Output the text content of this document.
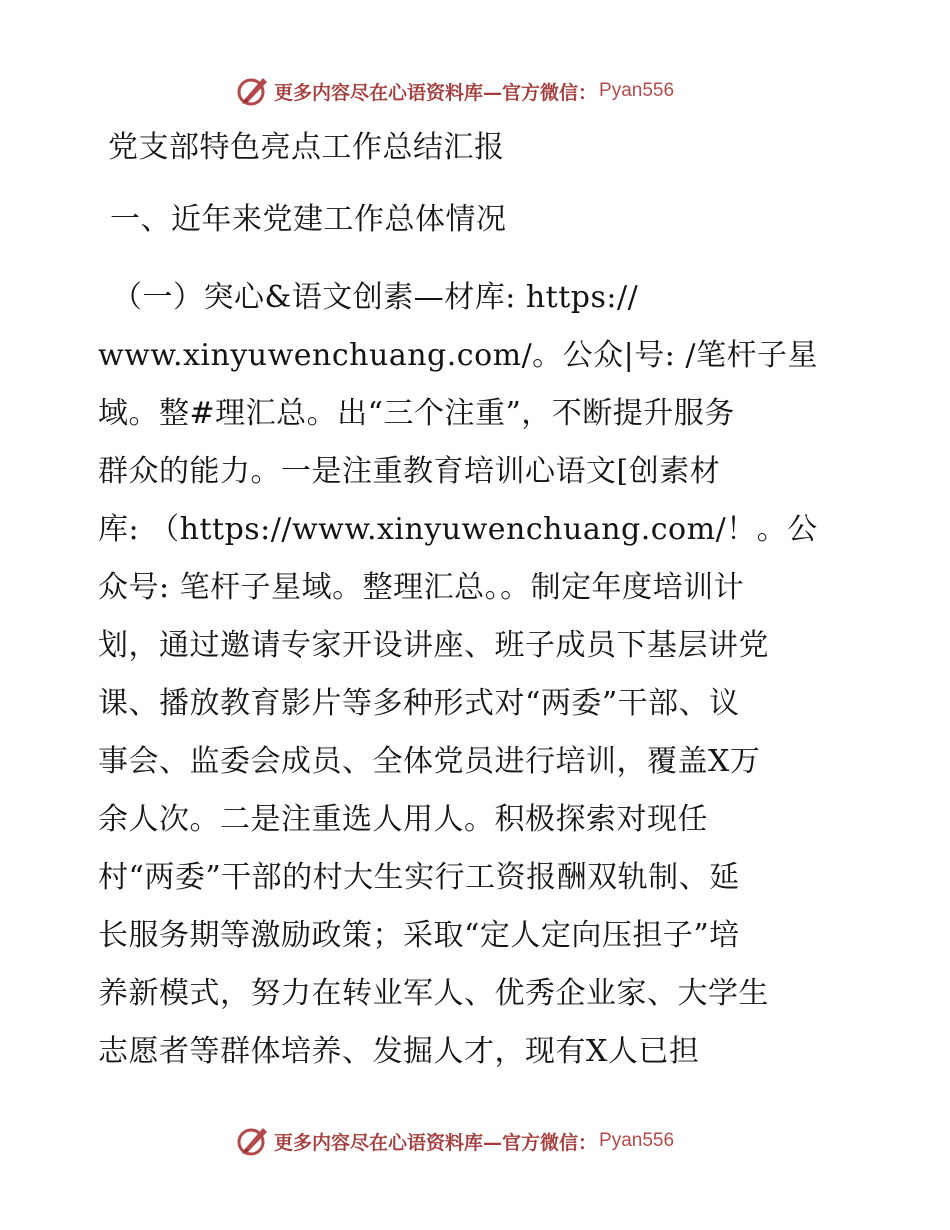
更多内容尽在心语资料库—官方微信： Pyan556
党支部特色亮点工作总结汇报
一、近年来党建工作总体情况
（一）突心&语文创素—材库: https://
www.xinyuwenchuang.com/。公众|号: /笔杆子星
域。整#理汇总。出“三个注重”，不断提升服务
群众的能力。一是注重教育培训心语文[创素材
库: （https://www.xinyuwenchuang.com/！。公
众号: 笔杆子星域。整理汇总。。制定年度培训计
划，通过邀请专家开设讲座、班子成员下基层讲党
课、播放教育影片等多种形式对“两委”干部、议
事会、监委会成员、全体党员进行培训，覆盖X万
余人次。二是注重选人用人。积极探索对现任
村“两委”干部的村大生实行工资报酬双轨制、延
长服务期等激励政策；采取“定人定向压担子”培
养新模式，努力在转业军人、优秀企业家、大学生
志愿者等群体培养、发掘人才，现有X人已担
更多内容尽在心语资料库—官方微信： Pyan556
